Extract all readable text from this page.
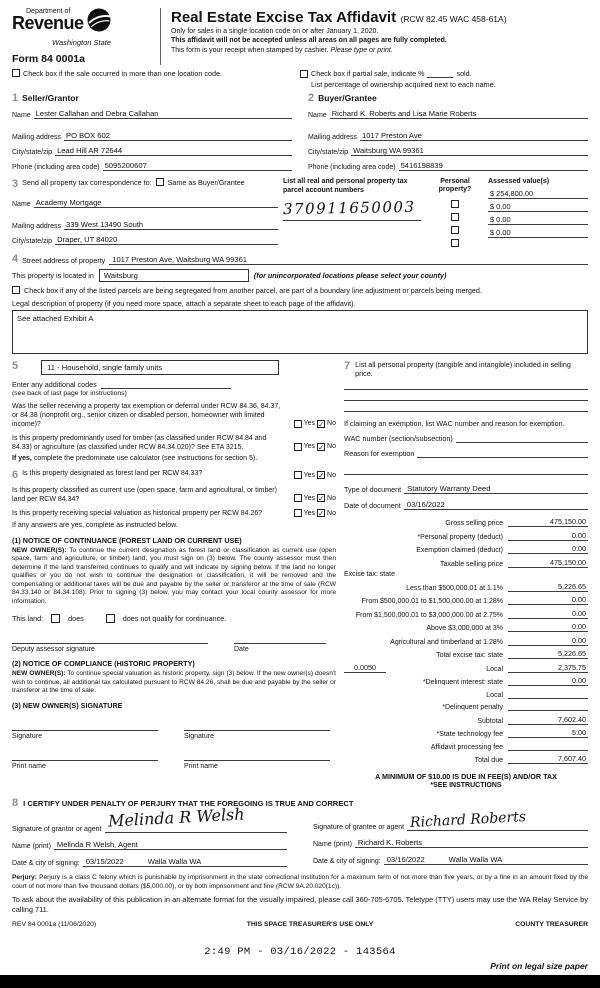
Department of
Revenue
Washington State
Form 84 0001a
Real Estate Excise Tax Affidavit (RCW 82.45 WAC 458-61A)
Only for sales in a single location code on or after January 1, 2020.
This affidavit will not be accepted unless all areas on all pages are fully completed.
This form is your receipt when stamped by cashier. Please type or print.
Check box if the sale occurred in more than one location code.	Check box if partial sale, indicate %	sold.
List percentage of ownership acquired next to each name.
1 Seller/Grantor
Name Lester Callahan and Debra Callahan
Mailing address PO BOX 602
City/state/zip Lead Hill AR 72644
Phone (including area code) 5095200607
2 Buyer/Grantee
Name Richard K. Roberts and Lisa Marie Roberts
Mailing address 1017 Preston Ave
City/state/zip Waitsburg WA 99361
Phone (including area code) 5416198839
3 Send all property tax correspondence to: Same as Buyer/Grantee
Name Academy Mortgage
Mailing address 339 West 13490 South
City/state/zip Draper, UT 84020
List all real and personal property tax parcel account numbers
370911650003
Personal property?
Assessed value(s)
$ 254,800.00
$ 0.00
$ 0.00
$ 0.00
4 Street address of property 1017 Preston Ave, Waitsburg WA 99361
This property is located in	Waitsburg	(for unincorporated locations please select your county)
Check box if any of the listed parcels are being segregated from another parcel, are part of a boundary line adjustment or parcels being merged.
Legal description of property (if you need more space, attach a separate sheet to each page of the affidavit).
See attached Exhibit A
5	11 - Household, single family units
Enter any additional codes
(see back of last page for instructions)
Was the seller receiving a property tax exemption or deferral under RCW 84.36, 84.37, or 84.38 (nonprofit org., senior citizen or disabled person, homeowner with limited income)?	Yes ✓ No
Is this property predominantly used for timber (as classified under RCW 84.84 and 84.33) or agriculture (as classified under RCW 84.34.020)? See ETA 3215.	Yes ✓ No
If yes, complete the predominate use calculator (see instructions for section 5).
6 Is this property designated as forest land per RCW 84.33?	Yes ✓ No
Is this property classified as current use (open space, farm and agricultural, or timber) land per RCW 84.34?	Yes ✓ No
Is this property receiving special valuation as historical property per RCW 84.26?	Yes ✓ No
If any answers are yes, complete as instructed below.
(1) NOTICE OF CONTINUANCE (FOREST LAND OR CURRENT USE)
NEW OWNER(S): To continue the current designation as forest land or classification as current use (open space, farm and agriculture, or timber) land, you must sign on (3) below. The county assessor must then determine if the land transferred continues to qualify and will indicate by signing below. If the land no longer qualifies or you do not wish to continue the designation or classification, it will be removed and the compensating or additional taxes will be due and payable by the seller or transferor at the time of sale (RCW 84.33.140 or 84.34.108). Prior to signing (3) below, you may contact your local county assessor for more information.
This land:	does	does not qualify for continuance.
Deputy assessor signature	Date
(2) NOTICE OF COMPLIANCE (HISTORIC PROPERTY)
NEW OWNER(S): To continue special valuation as historic property, sign (3) below. If the new owner(s) doesn't wish to continue, all additional tax calculated pursuant to RCW 84.26, shall be due and payable by the seller or transferor at the time of sale.
(3) NEW OWNER(S) SIGNATURE
Signature	Signature
Print name	Print name
7 List all personal property (tangible and intangible) included in selling price.
If claiming an exemption, list WAC number and reason for exemption.
WAC number (section/subsection)
Reason for exemption
Type of document Statutory Warranty Deed
Date of document 03/16/2022
Gross selling price	475,150.00
*Personal property (deduct)	0.00
Exemption claimed (deduct)	0.00
Taxable selling price	475,150.00
Excise tax: state
Less than $500,000.01 at 1.1%	5,226.65
From $500,000.01 to $1,500,000.00 at 1.28%	0.00
From $1,500,000.01 to $3,000,000.00 at 2.75%	0.00
Above $3,000,000 at 3%	0.00
Agricultural and timberland at 1.28%	0.00
Total excise tax: state	5,226.65
0.0050	Local	2,375.75
*Delinquent interest: state	0.00
Local
*Delinquent penalty
Subtotal	7,602.40
*State technology fee	5.00
Affidavit processing fee
Total due	7,607.40
A MINIMUM OF $10.00 IS DUE IN FEE(S) AND/OR TAX
*SEE INSTRUCTIONS
8 I CERTIFY UNDER PENALTY OF PERJURY THAT THE FOREGOING IS TRUE AND CORRECT
Signature of grantor or agent Melinda R Welsh
Name (print) Melinda R Welsh, Agent
Date & city of signing: 03/15/2022	Walla Walla WA
Signature of grantee or agent Richard Roberts
Name (print) Richard K. Roberts
Date & city of signing: 03/16/2022	Walla Walla WA
Perjury: Perjury is a class C felony which is punishable by imprisonment in the state correctional institution for a maximum term of not more than five years, or by a fine in an amount fixed by the court of not more than five thousand dollars ($5,000.00), or by both imprisonment and fine (RCW 9A.20.020(1c)).
To ask about the availability of this publication in an alternate format for the visually impaired, please call 360-705-6705. Teletype (TTY) users may use the WA Relay Service by calling 711.
REV 84 0001a (11/06/2020)	THIS SPACE TREASURER'S USE ONLY	COUNTY TREASURER
2:49 PM - 03/16/2022 - 143564
Print on legal size paper
